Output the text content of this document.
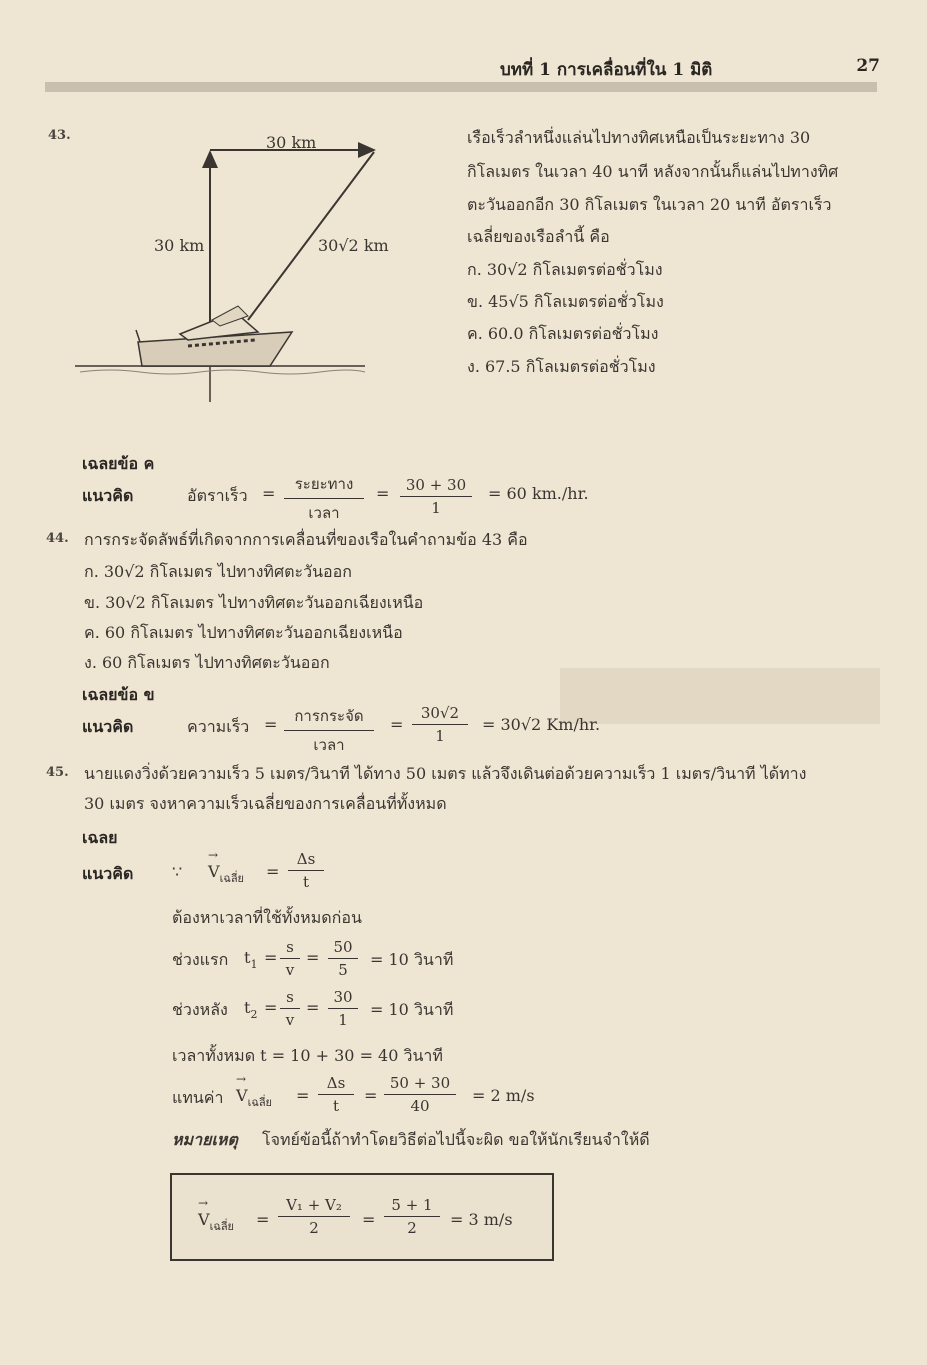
บทที่ 1 การเคลื่อนที่ใน 1 มิติ	27
43.	30 km
30 km	30√2 km
เรือเร็วลำหนึ่งแล่นไปทางทิศเหนือเป็นระยะทาง 30
กิโลเมตร ในเวลา 40 นาที หลังจากนั้นก็แล่นไปทางทิศ
ตะวันออกอีก 30 กิโลเมตร ในเวลา 20 นาที อัตราเร็ว
เฉลี่ยของเรือลำนี้ คือ
ก. 30√2 กิโลเมตรต่อชั่วโมง
ข. 45√5 กิโลเมตรต่อชั่วโมง
ค. 60.0 กิโลเมตรต่อชั่วโมง
ง. 67.5 กิโลเมตรต่อชั่วโมง
เฉลยข้อ ค
แนวคิด	อัตราเร็ว =	ระยะทาง
เวลา
= $\frac{30 + 30}{1} = 60$ km./hr.
44. การกระจัดลัพธ์ที่เกิดจากการเคลื่อนที่ของเรือในคำถามข้อ 43 คือ
ก. 30√2 กิโลเมตร ไปทางทิศตะวันออก
ข. 30√2 กิโลเมตร ไปทางทิศตะวันออกเฉียงเหนือ
ค. 60 กิโลเมตร ไปทางทิศตะวันออกเฉียงเหนือ
ง. 60 กิโลเมตร ไปทางทิศตะวันออก
เฉลยข้อ ข
แนวคิด	ความเร็ว =	การกระจัด
เวลา
= $\frac{30√2}{1} = 30√2$ Km/hr.
45. นายแดงวิ่งด้วยความเร็ว 5 เมตร/วินาที ได้ทาง 50 เมตร แล้วจึงเดินต่อด้วยความเร็ว 1 เมตร/วินาที ได้ทาง
30 เมตร จงหาความเร็วเฉลี่ยของการเคลื่อนที่ทั้งหมด
เฉลย
แนวคิด ∵ → $V_{เฉลี่ย} = \frac{\Delta s}{t}$
ต้องหาเวลาที่ใช้ทั้งหมดก่อน
ช่วงแรก $t_1 = \frac{s}{v} = \frac{50}{5} = 10$ วินาที
ช่วงหลัง $t_2 = \frac{s}{v} = \frac{30}{1} = 10$ วินาที
เวลาทั้งหมด t = 10 + 30 = 40 วินาที
แทนค่า → $V_{เฉลี่ย} = \frac{\Delta s}{t} = \frac{50 + 30}{40} = 2$ m/s
หมายเหตุ โจทย์ข้อนี้ถ้าทำโดยวิธีต่อไปนี้จะผิด ขอให้นักเรียนจำให้ดี
→ $V_{เฉลี่ย} = \frac{\text{V₁ + V₂}}{2} = \frac{5 + 1}{2} = 3$ m/s
